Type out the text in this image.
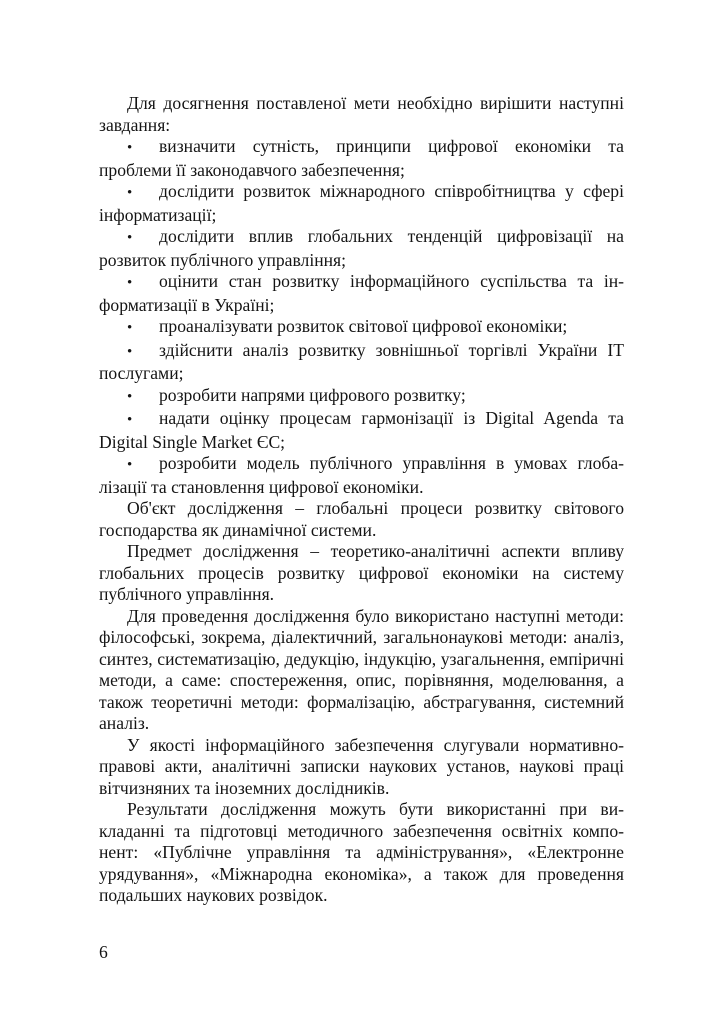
Для досягнення поставленої мети необхідно вирішити наступні завдання:

• визначити сутність, принципи цифрової економіки та проблеми її законодавчого забезпечення;
• дослідити розвиток міжнародного співробітництва у сфері інформатизації;
• дослідити вплив глобальних тенденцій цифровізації на розвиток публічного управління;
• оцінити стан розвитку інформаційного суспільства та інформатизації в Україні;
• проаналізувати розвиток світової цифрової економіки;
• здійснити аналіз розвитку зовнішньої торгівлі України ІТ послугами;
• розробити напрями цифрового розвитку;
• надати оцінку процесам гармонізації із Digital Agenda та Digital Single Market ЄС;
• розробити модель публічного управління в умовах глобалізації та становлення цифрової економіки.

Об'єкт дослідження – глобальні процеси розвитку світового господарства як динамічної системи.

Предмет дослідження – теоретико-аналітичні аспекти впливу глобальних процесів розвитку цифрової економіки на систему публічного управління.

Для проведення дослідження було використано наступні методи: філософські, зокрема, діалектичний, загальнонаукові методи: аналіз, синтез, систематизацію, дедукцію, індукцію, узагальнення, емпіричні методи, а саме: спостереження, опис, порівняння, моделювання, а також теоретичні методи: формалізацію, абстрагування, системний аналіз.

У якості інформаційного забезпечення слугували нормативно-правові акти, аналітичні записки наукових установ, наукові праці вітчизняних та іноземних дослідників.

Результати дослідження можуть бути використанні при викладанні та підготовці методичного забезпечення освітніх компонент: «Публічне управління та адміністрування», «Електронне урядування», «Міжнародна економіка», а також для проведення подальших наукових розвідок.

6
